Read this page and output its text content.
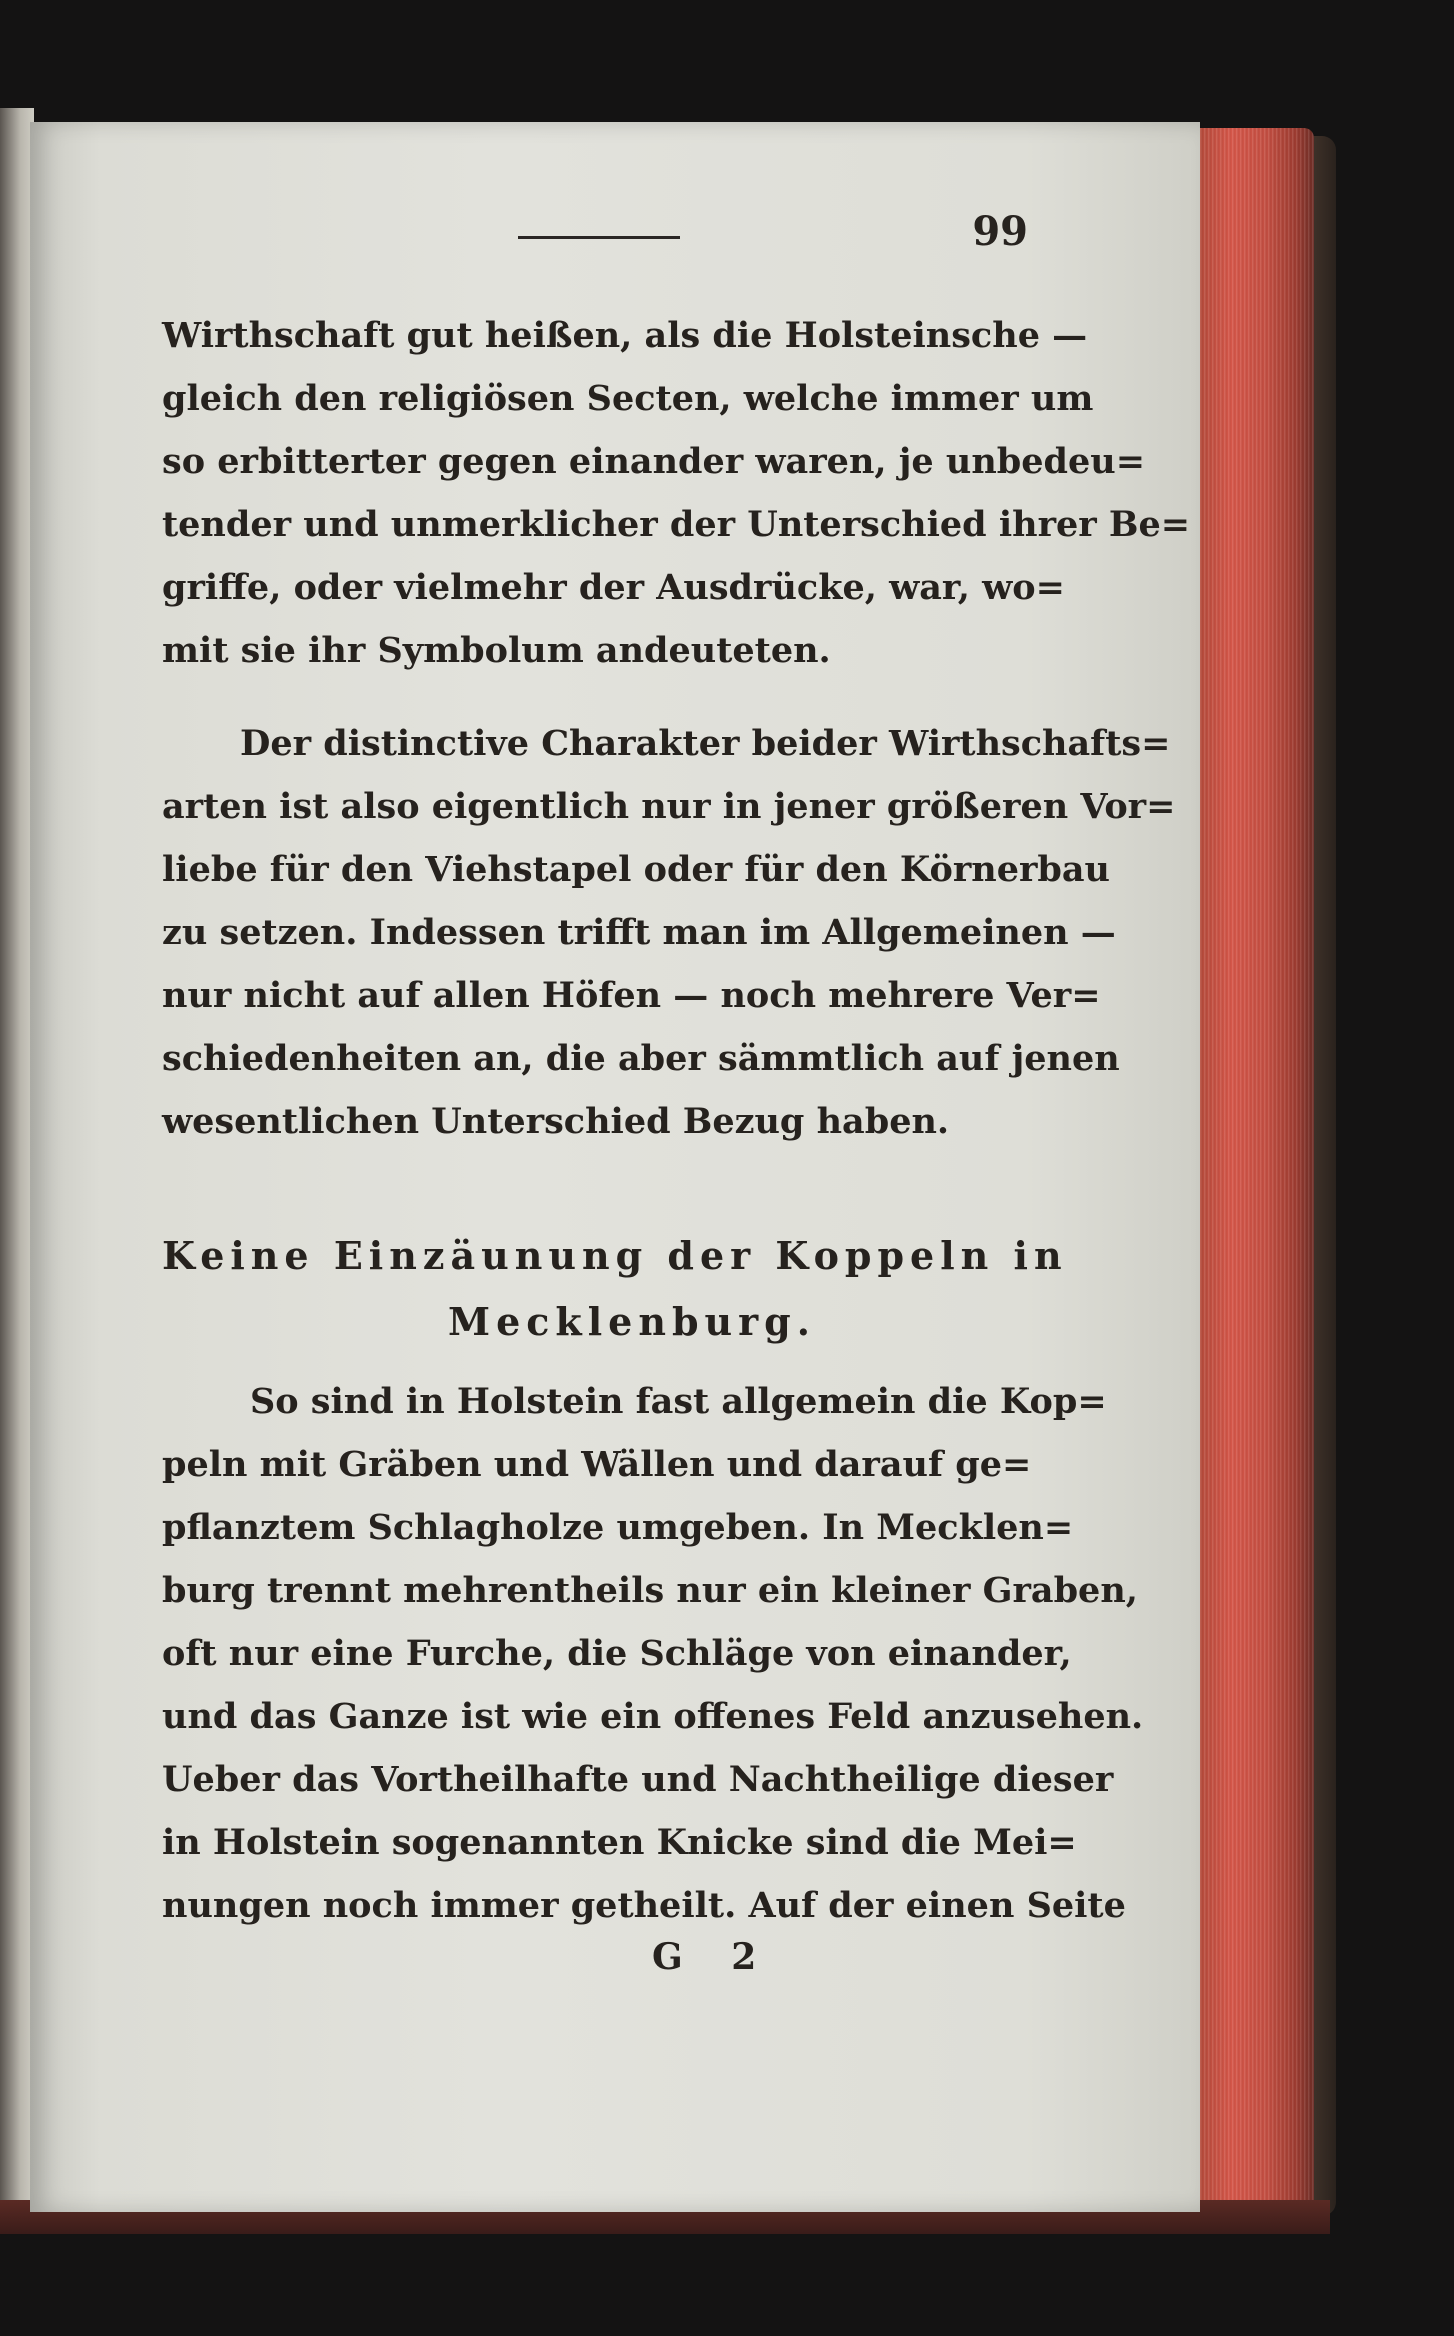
99
Wirthschaft gut heißen, als die Holsteinsche —
gleich den religiösen Secten, welche immer um
so erbitterter gegen einander waren, je unbedeu=
tender und unmerklicher der Unterschied ihrer Be=
griffe, oder vielmehr der Ausdrücke, war, wo=
mit sie ihr Symbolum andeuteten.
Der distinctive Charakter beider Wirthschafts=
arten ist also eigentlich nur in jener größeren Vor=
liebe für den Viehstapel oder für den Körnerbau
zu setzen. Indessen trifft man im Allgemeinen —
nur nicht auf allen Höfen — noch mehrere Ver=
schiedenheiten an, die aber sämmtlich auf jenen
wesentlichen Unterschied Bezug haben.
Keine Einzäunung der Koppeln in
Mecklenburg.
So sind in Holstein fast allgemein die Kop=
peln mit Gräben und Wällen und darauf ge=
pflanztem Schlagholze umgeben. In Mecklen=
burg trennt mehrentheils nur ein kleiner Graben,
oft nur eine Furche, die Schläge von einander,
und das Ganze ist wie ein offenes Feld anzusehen.
Ueber das Vortheilhafte und Nachtheilige dieser
in Holstein sogenannten Knicke sind die Mei=
nungen noch immer getheilt. Auf der einen Seite
G 2
